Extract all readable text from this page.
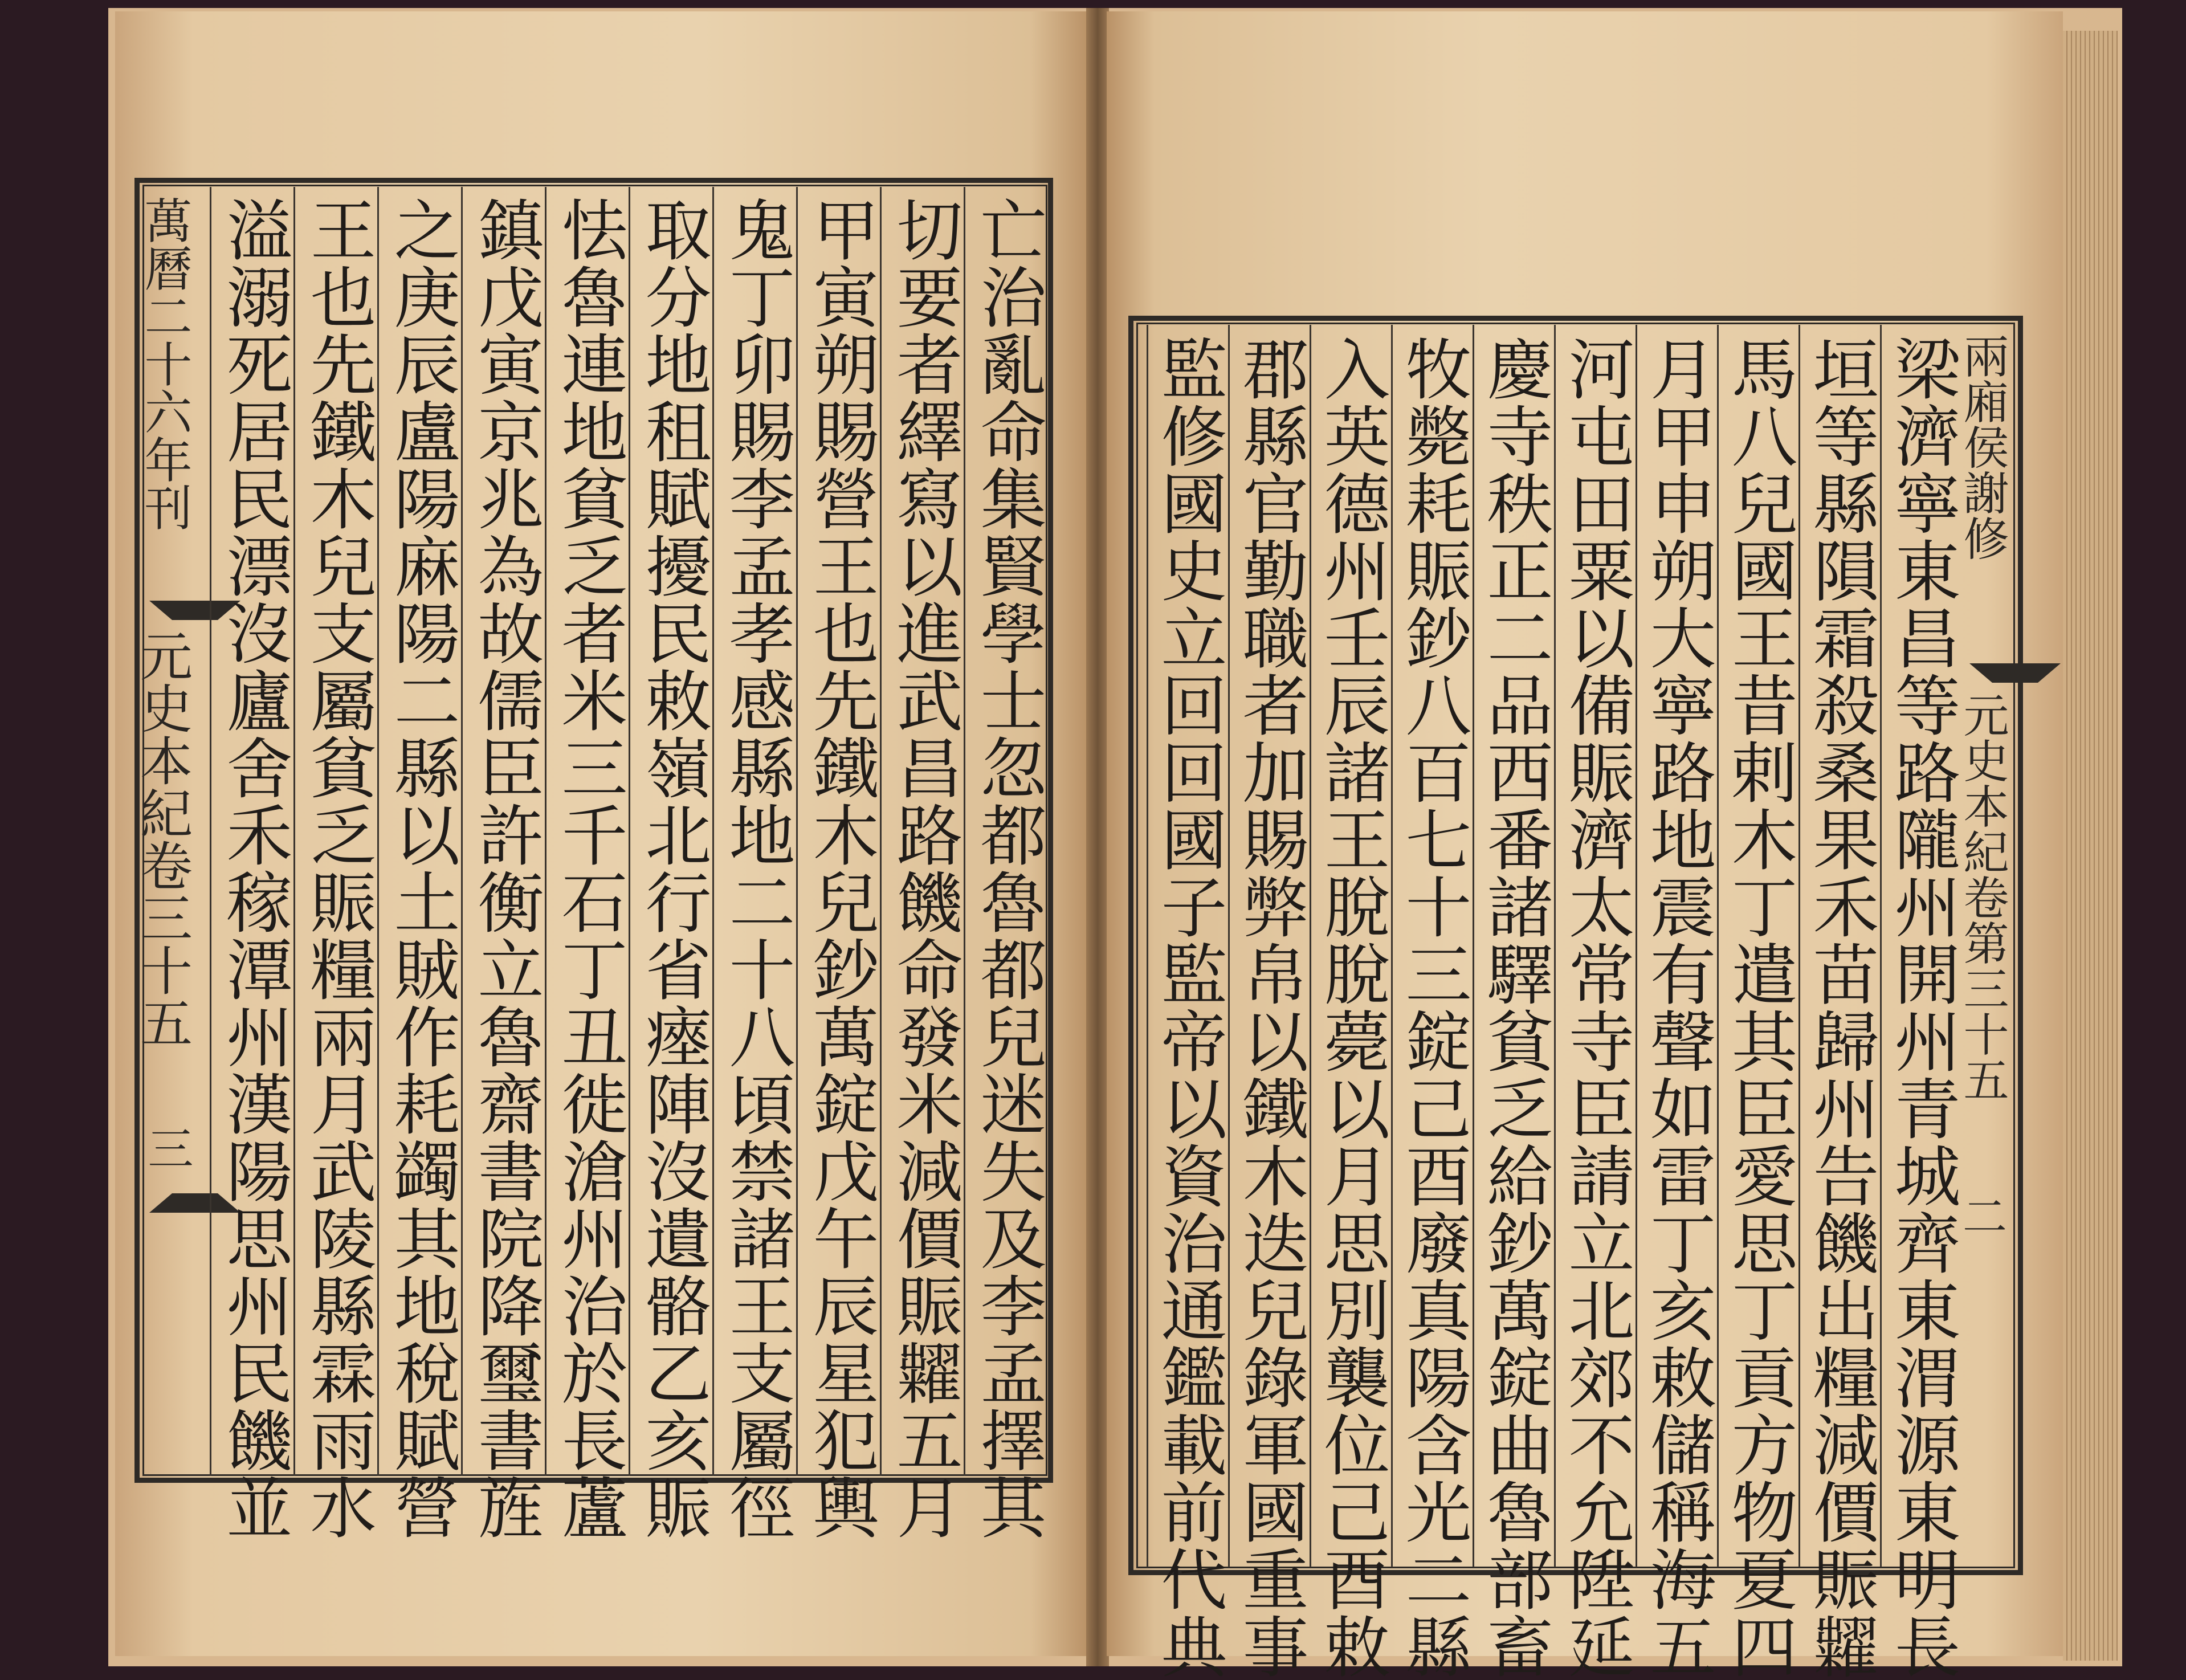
萬曆二十六年刊
元史本紀卷三十五
三
兩廂侯謝修
元史本紀卷第三十五
二
亡治亂命集賢學士忽都魯都兒迷失及李孟擇其
切要者繹寫以進武昌路饑命發米減價賑糶五月
甲寅朔賜營王也先鐵木兒鈔萬錠戊午辰星犯輿
鬼丁卯賜李孟孝感縣地二十八頃禁諸王支屬徑
取分地租賦擾民敕嶺北行省瘞陣沒遺骼乙亥賑
怯魯連地貧乏者米三千石丁丑徙滄州治於長蘆
鎮戊寅京兆為故儒臣許衡立魯齋書院降璽書旌
之庚辰盧陽麻陽二縣以土賊作耗蠲其地稅賦營
王也先鐵木兒支屬貧乏賑糧兩月武陵縣霖雨水
溢溺死居民漂沒廬舍禾稼潭州漢陽思州民饑並	梁濟寧東昌等路隴州開州青城齊東渭源東明長
垣等縣隕霜殺桑果禾苗歸州告饑出糧減價賑糶
馬八兒國王昔剌木丁遣其臣愛思丁貢方物夏四
月甲申朔大寧路地震有聲如雷丁亥敕儲稱海五
河屯田粟以備賑濟太常寺臣請立北郊不允陞延
慶寺秩正二品西番諸驛貧乏給鈔萬錠曲魯部畜
牧斃耗賑鈔八百七十三錠己酉廢真陽含光二縣
入英德州壬辰諸王脫脫薨以月思別襲位己酉敕
郡縣官勤職者加賜弊帛以鐵木迭兒錄軍國重事
監修國史立回回國子監帝以資治通鑑載前代典
